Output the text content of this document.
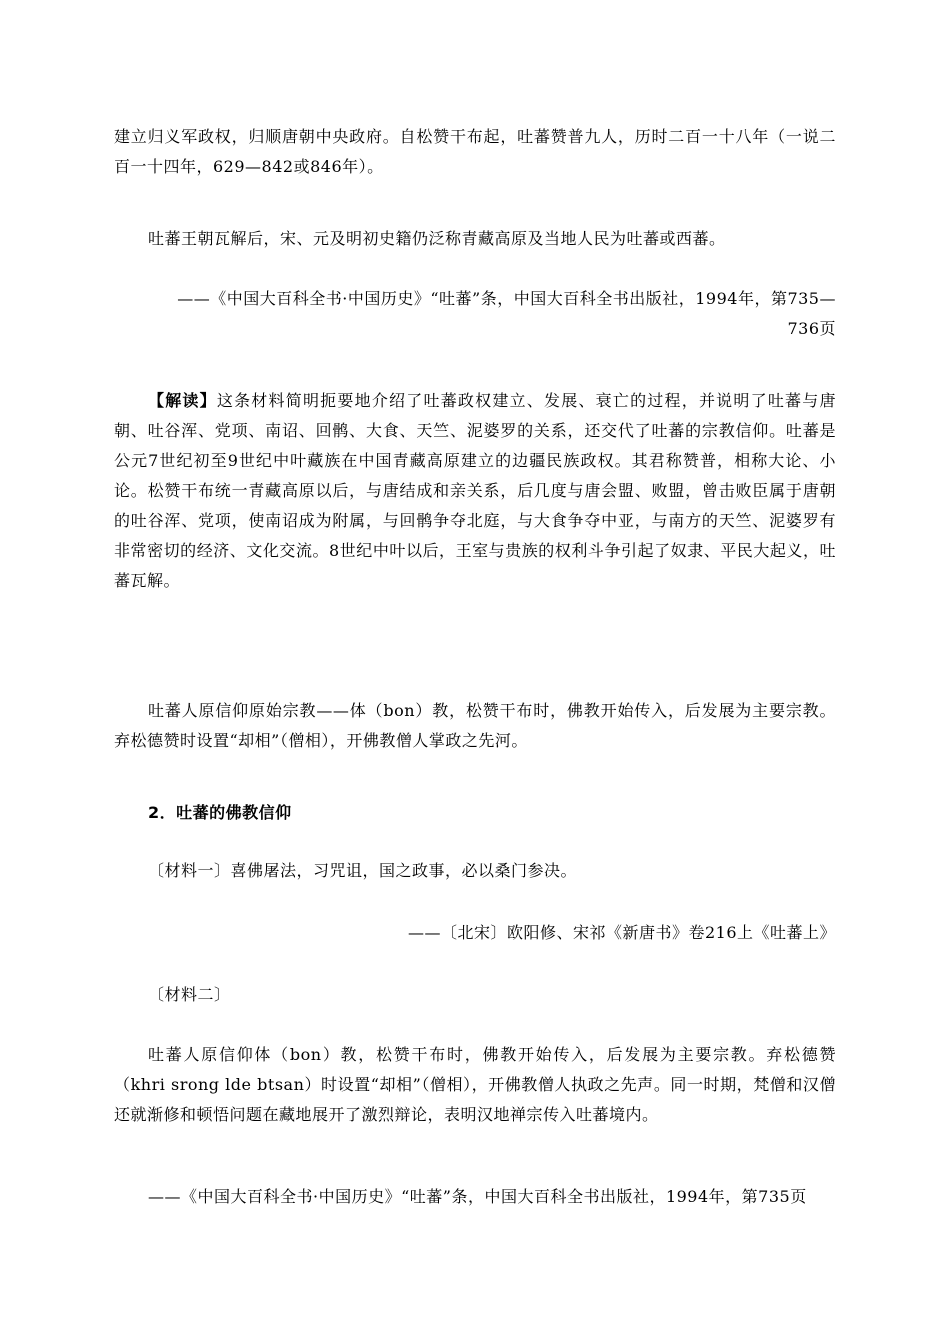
建立归义军政权，归顺唐朝中央政府。自松赞干布起，吐蕃赞普九人，历时二百一十八年（一说二百一十四年，629—842或846年）。

吐蕃王朝瓦解后，宋、元及明初史籍仍泛称青藏高原及当地人民为吐蕃或西蕃。

——《中国大百科全书·中国历史》“吐蕃”条，中国大百科全书出版社，1994年，第735—
736页

【解读】这条材料简明扼要地介绍了吐蕃政权建立、发展、衰亡的过程，并说明了吐蕃与唐朝、吐谷浑、党项、南诏、回鹘、大食、天竺、泥婆罗的关系，还交代了吐蕃的宗教信仰。吐蕃是公元7世纪初至9世纪中叶藏族在中国青藏高原建立的边疆民族政权。其君称赞普，相称大论、小论。松赞干布统一青藏高原以后，与唐结成和亲关系，后几度与唐会盟、败盟，曾击败臣属于唐朝的吐谷浑、党项，使南诏成为附属，与回鹘争夺北庭，与大食争夺中亚，与南方的天竺、泥婆罗有非常密切的经济、文化交流。8世纪中叶以后，王室与贵族的权利斗争引起了奴隶、平民大起义，吐蕃瓦解。

吐蕃人原信仰原始宗教——体（bon）教，松赞干布时，佛教开始传入，后发展为主要宗教。弃松德赞时设置“却相”（僧相），开佛教僧人掌政之先河。

2．吐蕃的佛教信仰

〔材料一〕喜佛屠法，习咒诅，国之政事，必以桑门参决。

——〔北宋〕欧阳修、宋祁《新唐书》卷216上《吐蕃上》

〔材料二〕

吐蕃人原信仰体（bon）教，松赞干布时，佛教开始传入，后发展为主要宗教。弃松德赞（khri srong lde btsan）时设置“却相”（僧相），开佛教僧人执政之先声。同一时期，梵僧和汉僧还就渐修和顿悟问题在藏地展开了激烈辩论，表明汉地禅宗传入吐蕃境内。

——《中国大百科全书·中国历史》“吐蕃”条，中国大百科全书出版社，1994年，第735页
